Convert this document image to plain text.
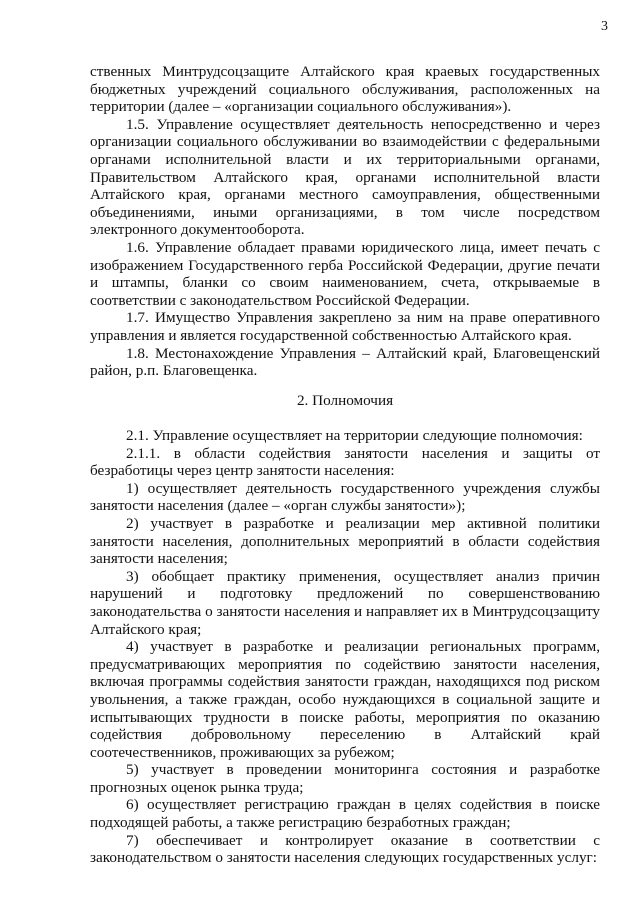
3

ственных Минтрудсоцзащите Алтайского края краевых государственных бюджетных учреждений социального обслуживания, расположенных на территории (далее – «организации социального обслуживания»).

1.5. Управление осуществляет деятельность непосредственно и через организации социального обслуживании во взаимодействии с федеральными органами исполнительной власти и их территориальными органами, Правительством Алтайского края, органами исполнительной власти Алтайского края, органами местного самоуправления, общественными объединениями, иными организациями, в том числе посредством электронного документооборота.

1.6. Управление обладает правами юридического лица, имеет печать с изображением Государственного герба Российской Федерации, другие печати и штампы, бланки со своим наименованием, счета, открываемые в соответствии с законодательством Российской Федерации.

1.7. Имущество Управления закреплено за ним на праве оперативного управления и является государственной собственностью Алтайского края.

1.8. Местонахождение Управления – Алтайский край, Благовещенский район, р.п. Благовещенка.

2. Полномочия

2.1. Управление осуществляет на территории следующие полномочия:

2.1.1. в области содействия занятости населения и защиты от безработицы через центр занятости населения:

1) осуществляет деятельность государственного учреждения службы занятости населения (далее – «орган службы занятости»);

2) участвует в разработке и реализации мер активной политики занятости населения, дополнительных мероприятий в области содействия занятости населения;

3) обобщает практику применения, осуществляет анализ причин нарушений и подготовку предложений по совершенствованию законодательства о занятости населения и направляет их в Минтрудсоцзащиту Алтайского края;

4) участвует в разработке и реализации региональных программ, предусматривающих мероприятия по содействию занятости населения, включая программы содействия занятости граждан, находящихся под риском увольнения, а также граждан, особо нуждающихся в социальной защите и испытывающих трудности в поиске работы, мероприятия по оказанию содействия добровольному переселению в Алтайский край соотечественников, проживающих за рубежом;

5) участвует в проведении мониторинга состояния и разработке прогнозных оценок рынка труда;

6) осуществляет регистрацию граждан в целях содействия в поиске подходящей работы, а также регистрацию безработных граждан;

7) обеспечивает и контролирует оказание в соответствии с законодательством о занятости населения следующих государственных услуг:
